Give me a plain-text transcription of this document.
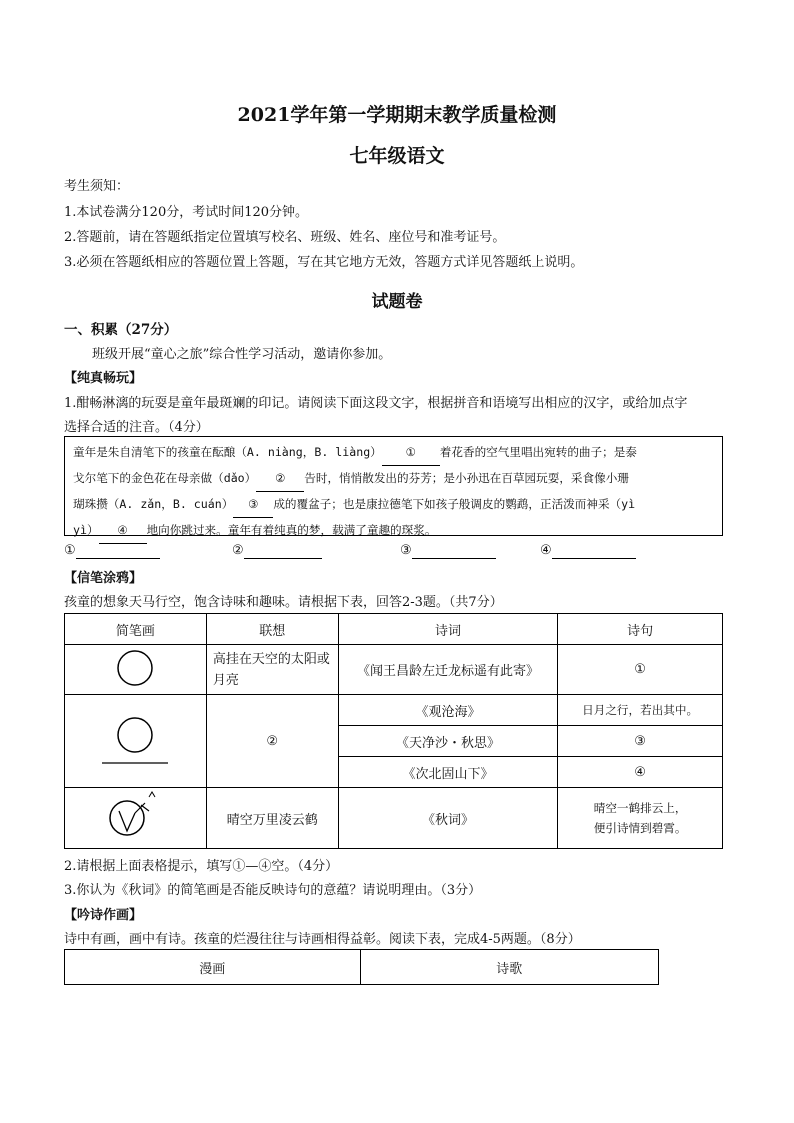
2021学年第一学期期末教学质量检测
七年级语文
考生须知：
1.本试卷满分120分，考试时间120分钟。
2.答题前，请在答题纸指定位置填写校名、班级、姓名、座位号和准考证号。
3.必须在答题纸相应的答题位置上答题，写在其它地方无效，答题方式详见答题纸上说明。
试题卷
一、积累（27分）
班级开展“童心之旅”综合性学习活动，邀请你参加。
【纯真畅玩】
1.酣畅淋漓的玩耍是童年最斑斓的印记。请阅读下面这段文字，根据拼音和语境写出相应的汉字，或给加点字
选择合适的注音。（4分）
童年是朱自清笔下的孩童在酝酿（A. niàng，B. liàng） ① 着花香的空气里唱出宛转的曲子；是泰
戈尔笔下的金色花在母亲做（dǎo） ② 告时，悄悄散发出的芬芳；是小孙迅在百草园玩耍，采食像小珊
瑚珠攒（A. zǎn，B. cuán） ③ 成的覆盆子；也是康拉德笔下如孩子般调皮的鹦鹉，正活泼而神采（yì
yì） ④ 地向你跳过来。童年有着纯真的梦，载满了童趣的琛浆。
①	②	③	④
【信笔涂鸦】
孩童的想象天马行空，饱含诗味和趣味。请根据下表，回答2-3题。（共7分）
简笔画	联想	诗词	诗句
	高挂在天空的太阳或月亮	《闻王昌龄左迁龙标遥有此寄》	①
	②	《观沧海》	日月之行，若出其中。
		《天净沙・秋思》	③
		《次北固山下》	④
	晴空万里凌云鹤	《秋词》	晴空一鹤排云上，
便引诗情到碧霄。
2.请根据上面表格提示，填写①—④空。（4分）
3.你认为《秋词》的简笔画是否能反映诗句的意蕴？请说明理由。（3分）
【吟诗作画】
诗中有画，画中有诗。孩童的烂漫往往与诗画相得益彰。阅读下表，完成4-5两题。（8分）
漫画	诗歌
